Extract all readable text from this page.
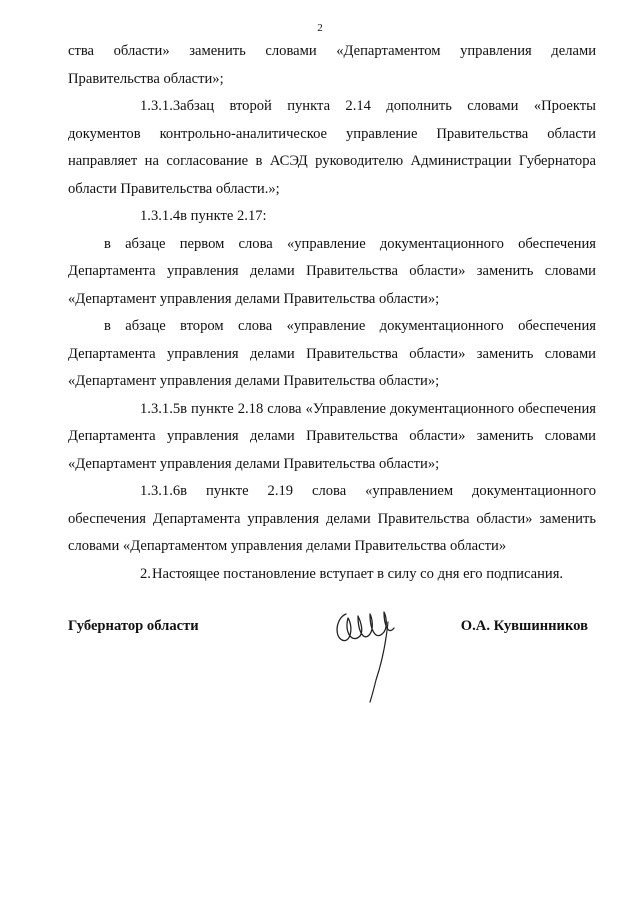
2

ства области» заменить словами «Департаментом управления делами Правительства области»;

1.3.1.3абзац второй пункта 2.14 дополнить словами «Проекты документов контрольно-аналитическое управление Правительства области направляет на согласование в АСЭД руководителю Администрации Губернатора области Правительства области.»;

1.3.1.4в пункте 2.17:

в абзаце первом слова «управление документационного обеспечения Департамента управления делами Правительства области» заменить словами «Департамент управления делами Правительства области»;

в абзаце втором слова «управление документационного обеспечения Департамента управления делами Правительства области» заменить словами «Департамент управления делами Правительства области»;

1.3.1.5в пункте 2.18 слова «Управление документационного обеспечения Департамента управления делами Правительства области» заменить словами «Департамент управления делами Правительства области»;

1.3.1.6в пункте 2.19 слова «управлением документационного обеспечения Департамента управления делами Правительства области» заменить словами «Департаментом управления делами Правительства области»

2.Настоящее постановление вступает в силу со дня его подписания.

Губернатор области	О.А. Кувшинников
